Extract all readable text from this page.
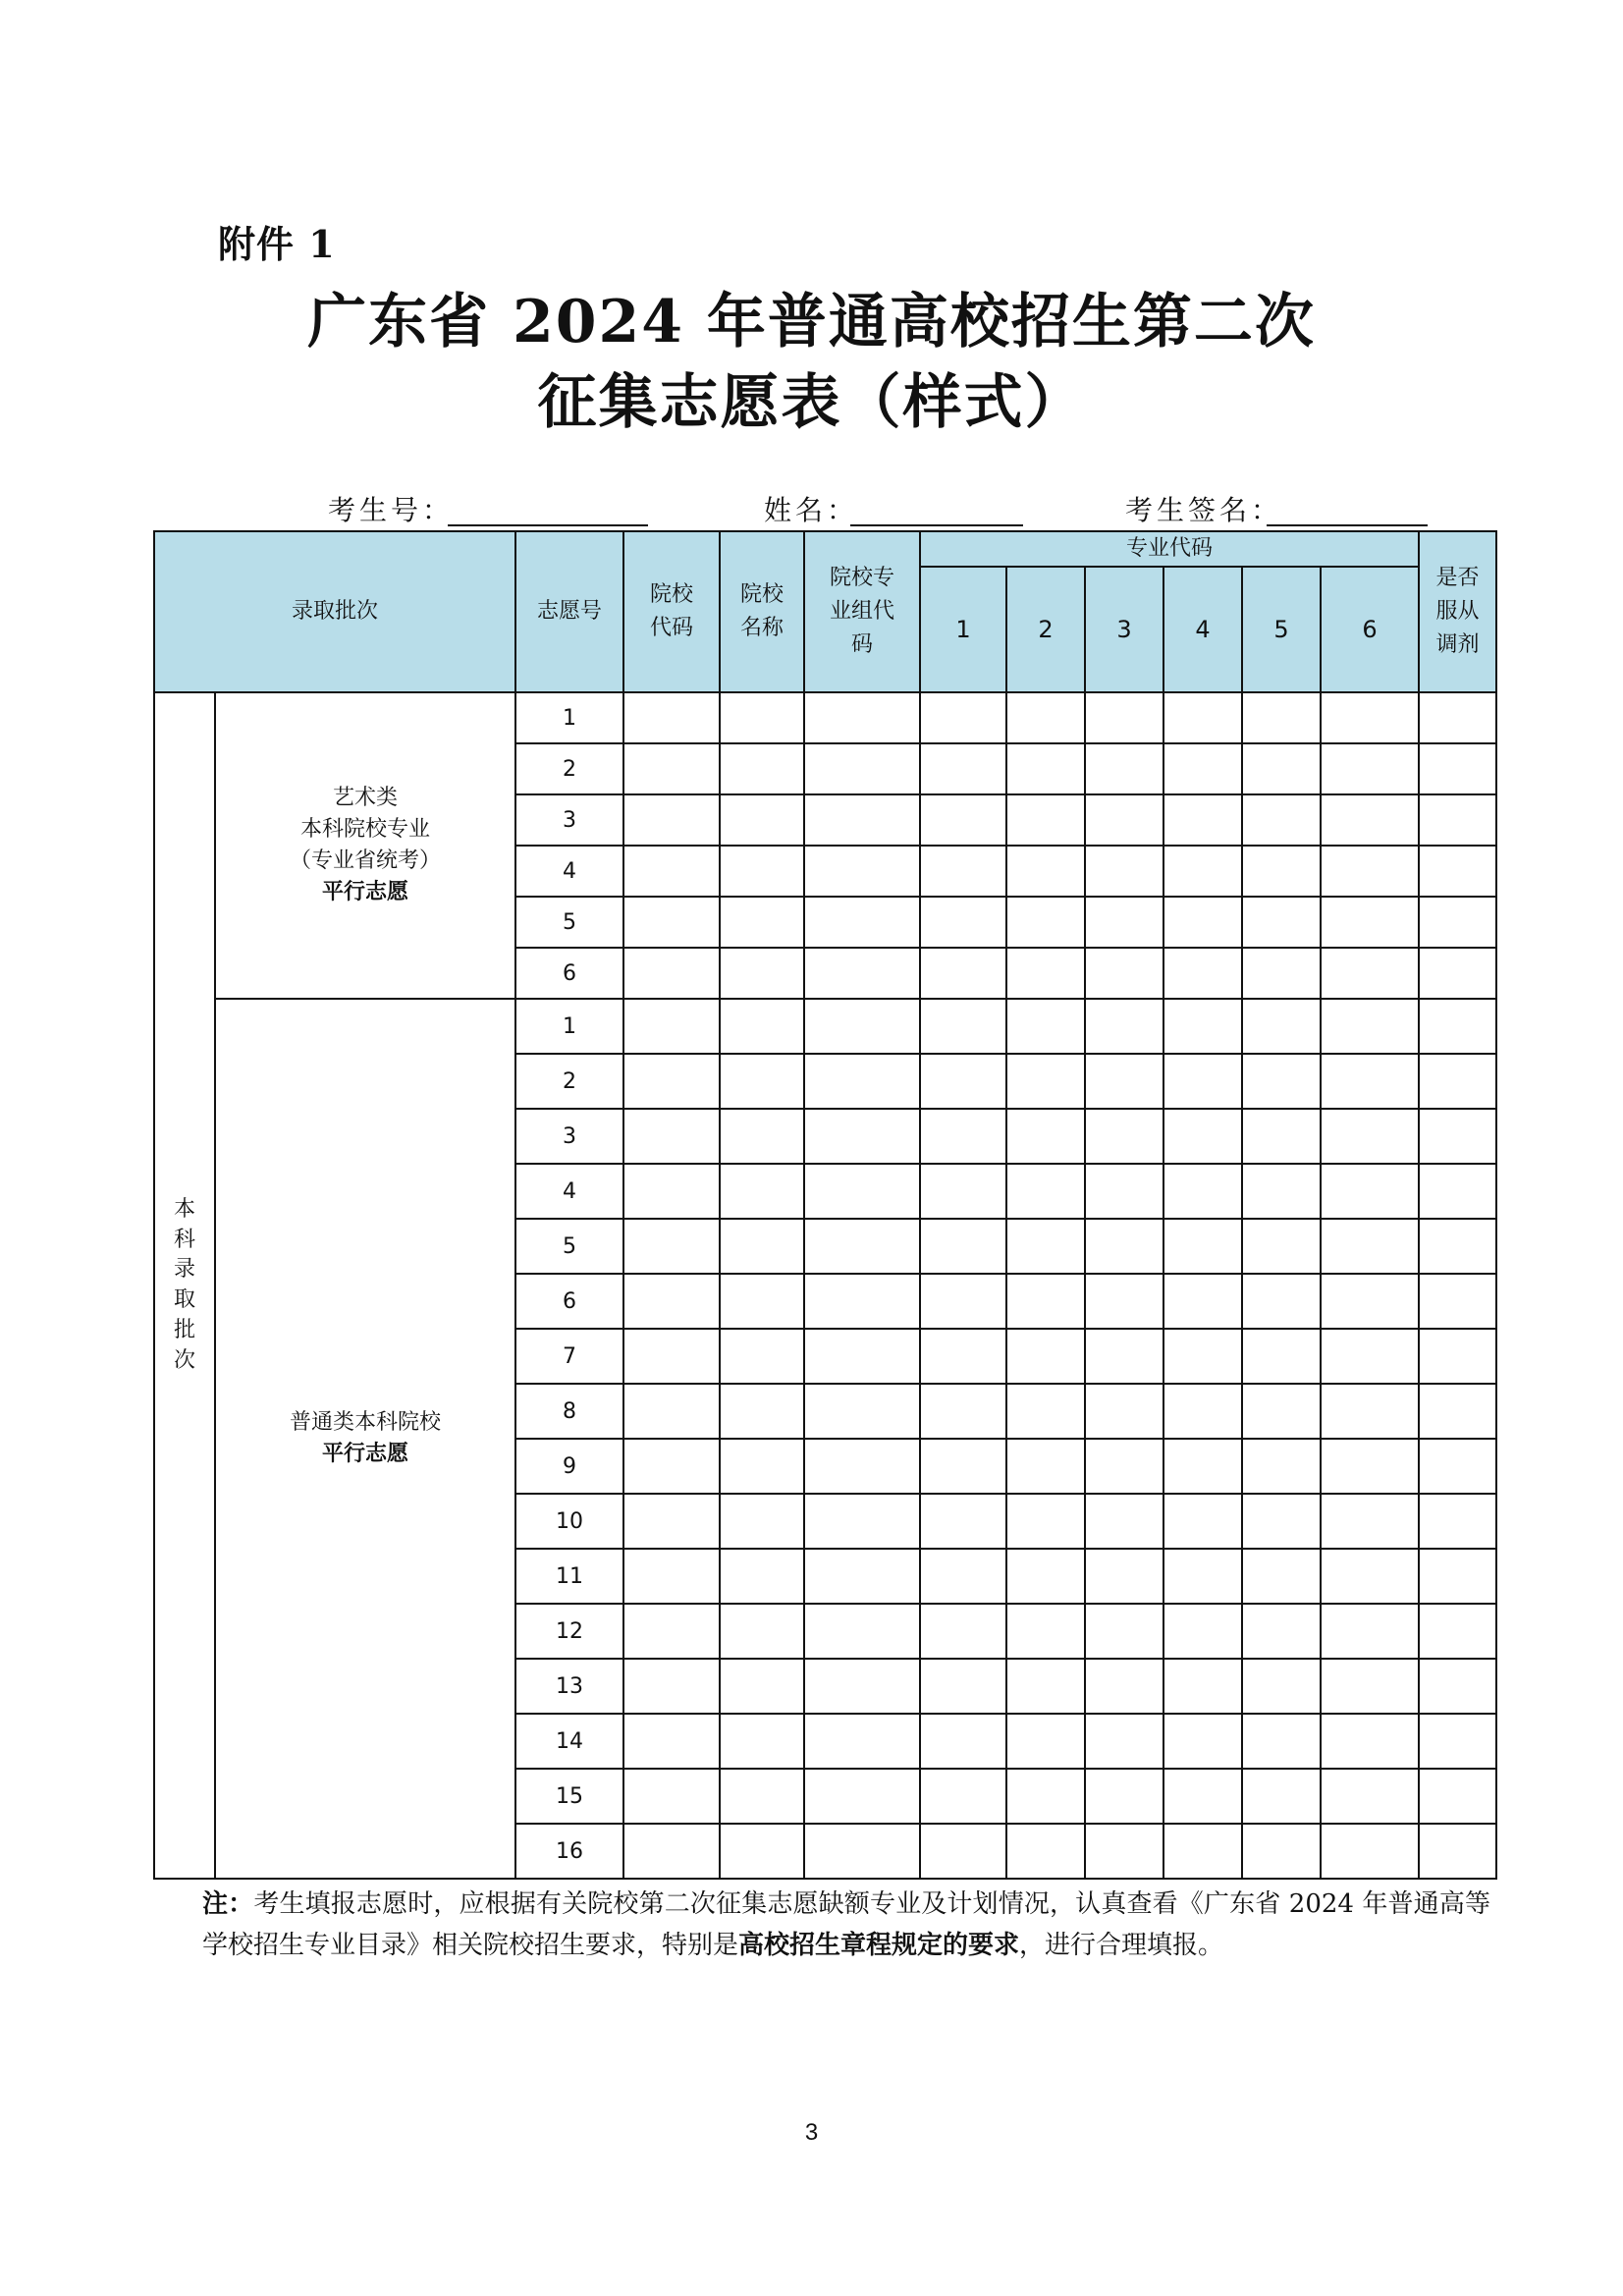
附件 1
广东省 2024 年普通高校招生第二次
征集志愿表（样式）
考生号：	姓名：	考生签名：
录取批次		志愿号	院校代码	院校名称	院校专业组代码	专业代码						是否服从调剂

						1	2	3	4	5	6	

本科录取批次	艺术类
本科院校专业
（专业省统考）
平行志愿	1										
		2										
		3										
		4										
		5										
		6										

	普通类本科院校
平行志愿	1										
		2										
		3										
		4										
		5										
		6										
		7										
		8										
		9										
		10										
		11										
		12										
		13										
		14										
		15										
		16										
注：考生填报志愿时，应根据有关院校第二次征集志愿缺额专业及计划情况，认真查看《广东省 2024 年普通高等学校招生专业目录》相关院校招生要求，特别是高校招生章程规定的要求，进行合理填报。
3
